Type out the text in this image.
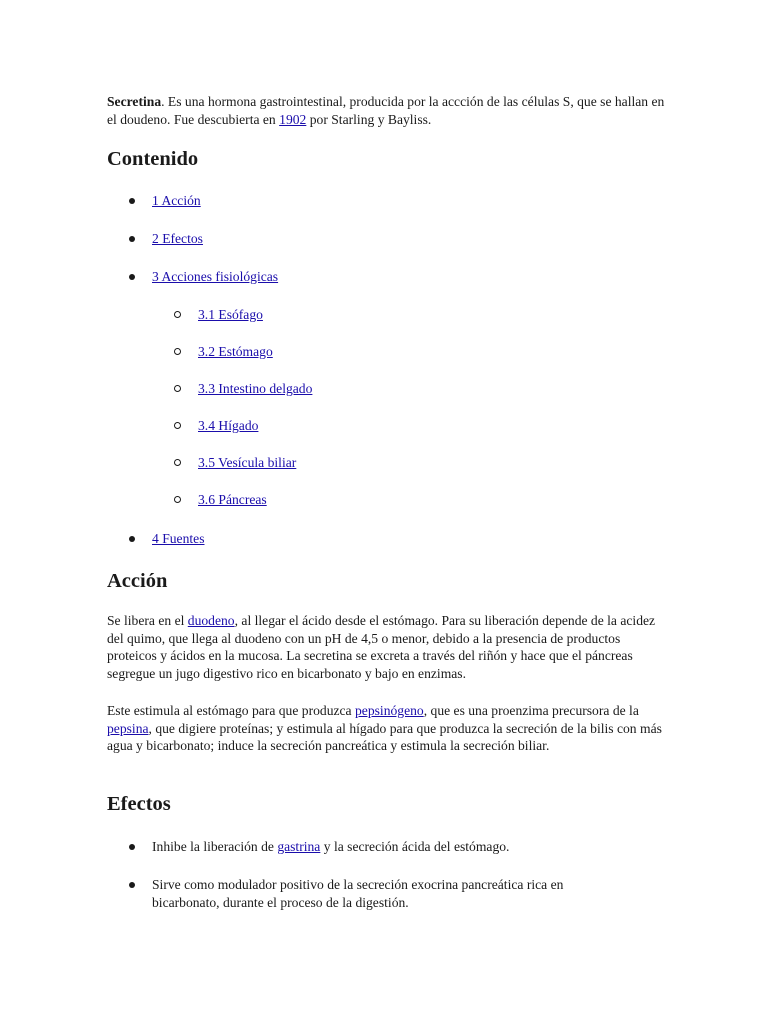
Secretina. Es una hormona gastrointestinal, producida por la accción de las células S, que se hallan en el doudeno. Fue descubierta en 1902 por Starling y Bayliss.

Contenido
1 Acción
2 Efectos
3 Acciones fisiológicas
3.1 Esófago
3.2 Estómago
3.3 Intestino delgado
3.4 Hígado
3.5 Vesícula biliar
3.6 Páncreas
4 Fuentes
Acción

Se libera en el duodeno, al llegar el ácido desde el estómago. Para su liberación depende de la acidez del quimo, que llega al duodeno con un pH de 4,5 o menor, debido a la presencia de productos proteicos y ácidos en la mucosa. La secretina se excreta a través del riñón y hace que el páncreas segregue un jugo digestivo rico en bicarbonato y bajo en enzimas.

Este estimula al estómago para que produzca pepsinógeno, que es una proenzima precursora de la pepsina, que digiere proteínas; y estimula al hígado para que produzca la secreción de la bilis con más agua y bicarbonato; induce la secreción pancreática y estimula la secreción biliar.

Efectos

Inhibe la liberación de gastrina y la secreción ácida del estómago.

Sirve como modulador positivo de la secreción exocrina pancreática rica en bicarbonato, durante el proceso de la digestión.
